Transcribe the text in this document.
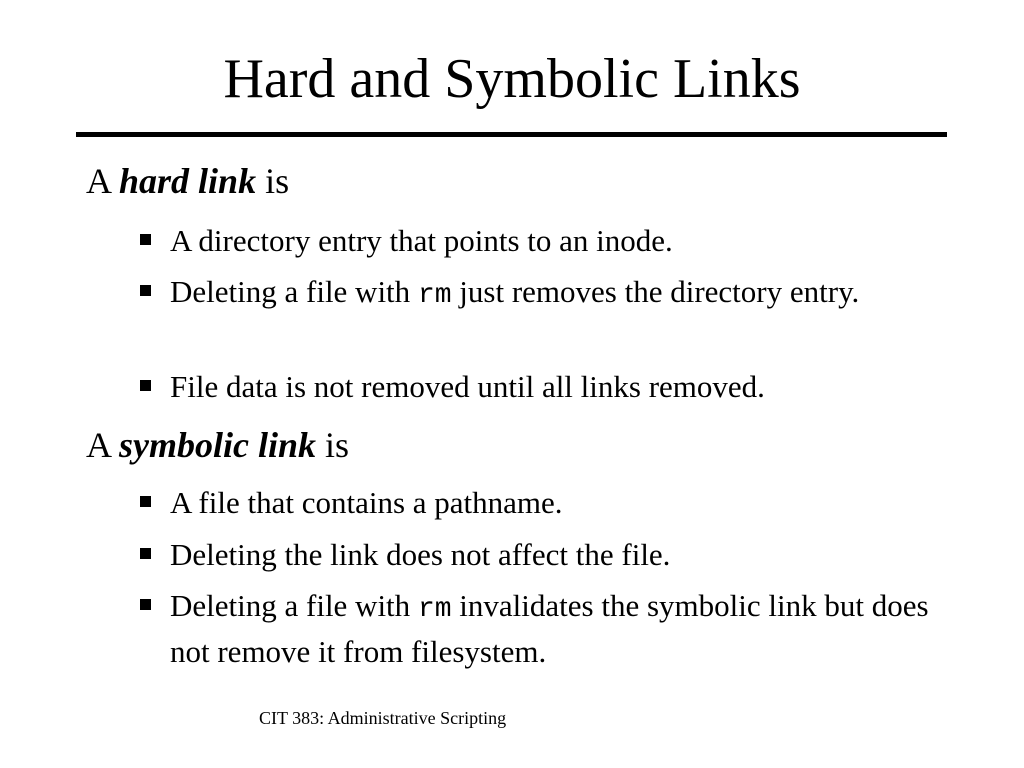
Hard and Symbolic Links
A hard link is
A directory entry that points to an inode.
Deleting a file with rm just removes the directory entry.
File data is not removed until all links removed.
A symbolic link is
A file that contains a pathname.
Deleting the link does not affect the file.
Deleting a file with rm invalidates the symbolic link but does not remove it from filesystem.
CIT 383: Administrative Scripting
